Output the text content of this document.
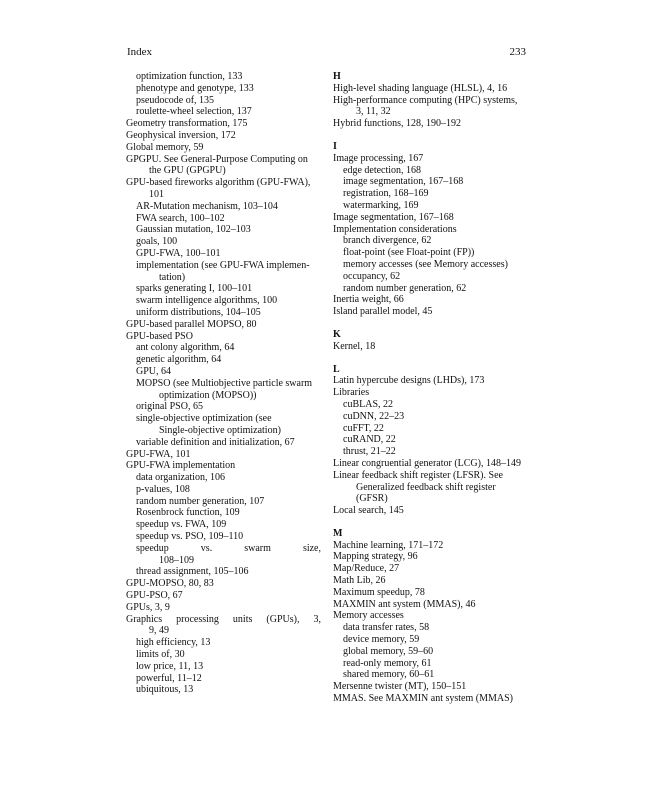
Index	233
optimization function, 133
phenotype and genotype, 133
pseudocode of, 135
roulette-wheel selection, 137
Geometry transformation, 175
Geophysical inversion, 172
Global memory, 59
GPGPU. See General-Purpose Computing on
the GPU (GPGPU)
GPU-based fireworks algorithm (GPU-FWA),
101
AR-Mutation mechanism, 103–104
FWA search, 100–102
Gaussian mutation, 102–103
goals, 100
GPU-FWA, 100–101
implementation (see GPU-FWA implemen-
tation)
sparks generating I, 100–101
swarm intelligence algorithms, 100
uniform distributions, 104–105
GPU-based parallel MOPSO, 80
GPU-based PSO
ant colony algorithm, 64
genetic algorithm, 64
GPU, 64
MOPSO (see Multiobjective particle swarm
optimization (MOPSO))
original PSO, 65
single-objective optimization (see
Single-objective optimization)
variable definition and initialization, 67
GPU-FWA, 101
GPU-FWA implementation
data organization, 106
p-values, 108
random number generation, 107
Rosenbrock function, 109
speedup vs. FWA, 109
speedup vs. PSO, 109–110
speedup vs. swarm size,
108–109
thread assignment, 105–106
GPU-MOPSO, 80, 83
GPU-PSO, 67
GPUs, 3, 9
Graphics processing units (GPUs), 3,
9, 49
high efficiency, 13
limits of, 30
low price, 11, 13
powerful, 11–12
ubiquitous, 13
H
High-level shading language (HLSL), 4, 16
High-performance computing (HPC) systems,
3, 11, 32
Hybrid functions, 128, 190–192
I
Image processing, 167
edge detection, 168
image segmentation, 167–168
registration, 168–169
watermarking, 169
Image segmentation, 167–168
Implementation considerations
branch divergence, 62
float-point (see Float-point (FP))
memory accesses (see Memory accesses)
occupancy, 62
random number generation, 62
Inertia weight, 66
Island parallel model, 45
K
Kernel, 18
L
Latin hypercube designs (LHDs), 173
Libraries
cuBLAS, 22
cuDNN, 22–23
cuFFT, 22
cuRAND, 22
thrust, 21–22
Linear congruential generator (LCG), 148–149
Linear feedback shift register (LFSR). See
Generalized feedback shift register
(GFSR)
Local search, 145
M
Machine learning, 171–172
Mapping strategy, 96
Map/Reduce, 27
Math Lib, 26
Maximum speedup, 78
MAXMIN ant system (MMAS), 46
Memory accesses
data transfer rates, 58
device memory, 59
global memory, 59–60
read-only memory, 61
shared memory, 60–61
Mersenne twister (MT), 150–151
MMAS. See MAXMIN ant system (MMAS)
